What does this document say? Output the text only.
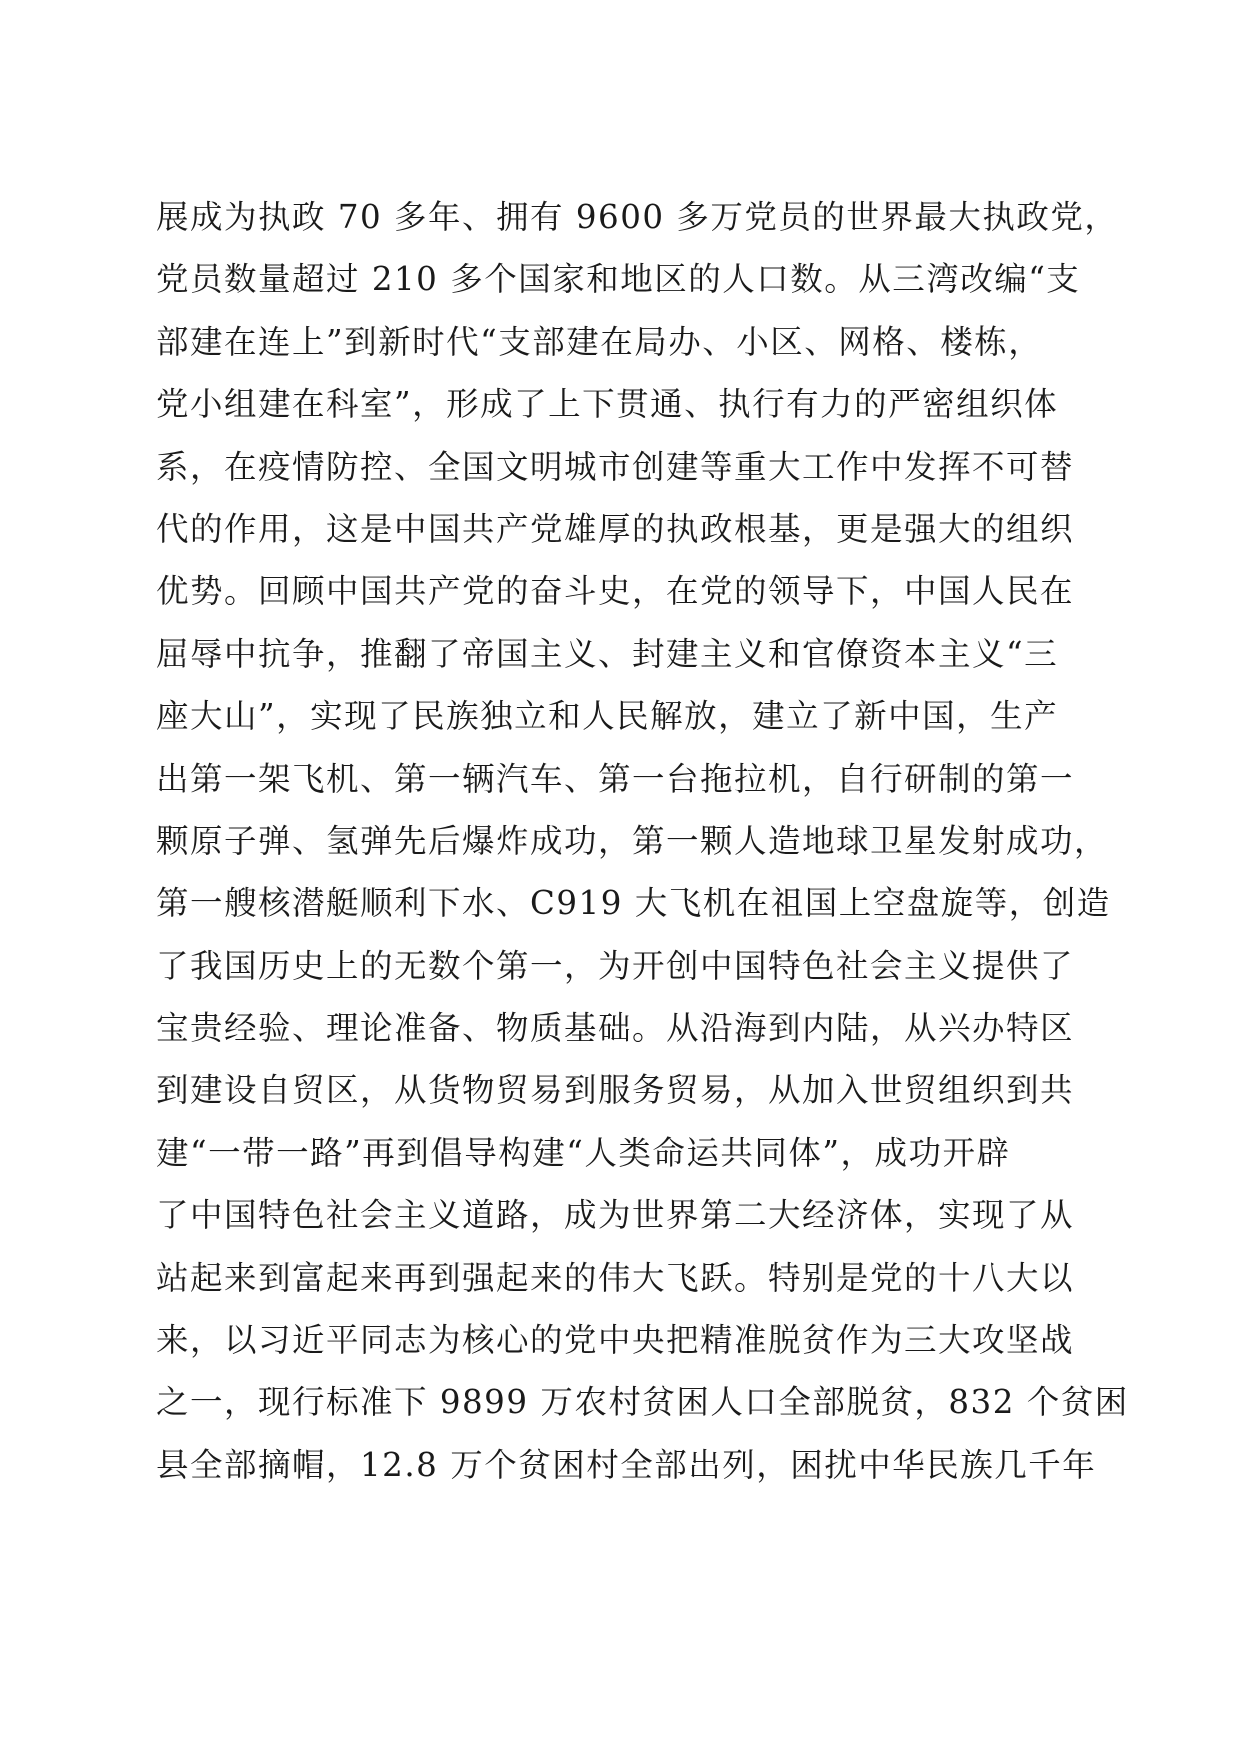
展成为执政 70 多年、拥有 9600 多万党员的世界最大执政党，
党员数量超过 210 多个国家和地区的人口数。从三湾改编“支
部建在连上”到新时代“支部建在局办、小区、网格、楼栋，
党小组建在科室”，形成了上下贯通、执行有力的严密组织体
系，在疫情防控、全国文明城市创建等重大工作中发挥不可替
代的作用，这是中国共产党雄厚的执政根基，更是强大的组织
优势。回顾中国共产党的奋斗史，在党的领导下，中国人民在
屈辱中抗争，推翻了帝国主义、封建主义和官僚资本主义“三
座大山”，实现了民族独立和人民解放，建立了新中国，生产
出第一架飞机、第一辆汽车、第一台拖拉机，自行研制的第一
颗原子弹、氢弹先后爆炸成功，第一颗人造地球卫星发射成功，
第一艘核潜艇顺利下水、C919 大飞机在祖国上空盘旋等，创造
了我国历史上的无数个第一，为开创中国特色社会主义提供了
宝贵经验、理论准备、物质基础。从沿海到内陆，从兴办特区
到建设自贸区，从货物贸易到服务贸易，从加入世贸组织到共
建“一带一路”再到倡导构建“人类命运共同体”，成功开辟
了中国特色社会主义道路，成为世界第二大经济体，实现了从
站起来到富起来再到强起来的伟大飞跃。特别是党的十八大以
来，以习近平同志为核心的党中央把精准脱贫作为三大攻坚战
之一，现行标准下 9899 万农村贫困人口全部脱贫，832 个贫困
县全部摘帽，12.8 万个贫困村全部出列，困扰中华民族几千年
